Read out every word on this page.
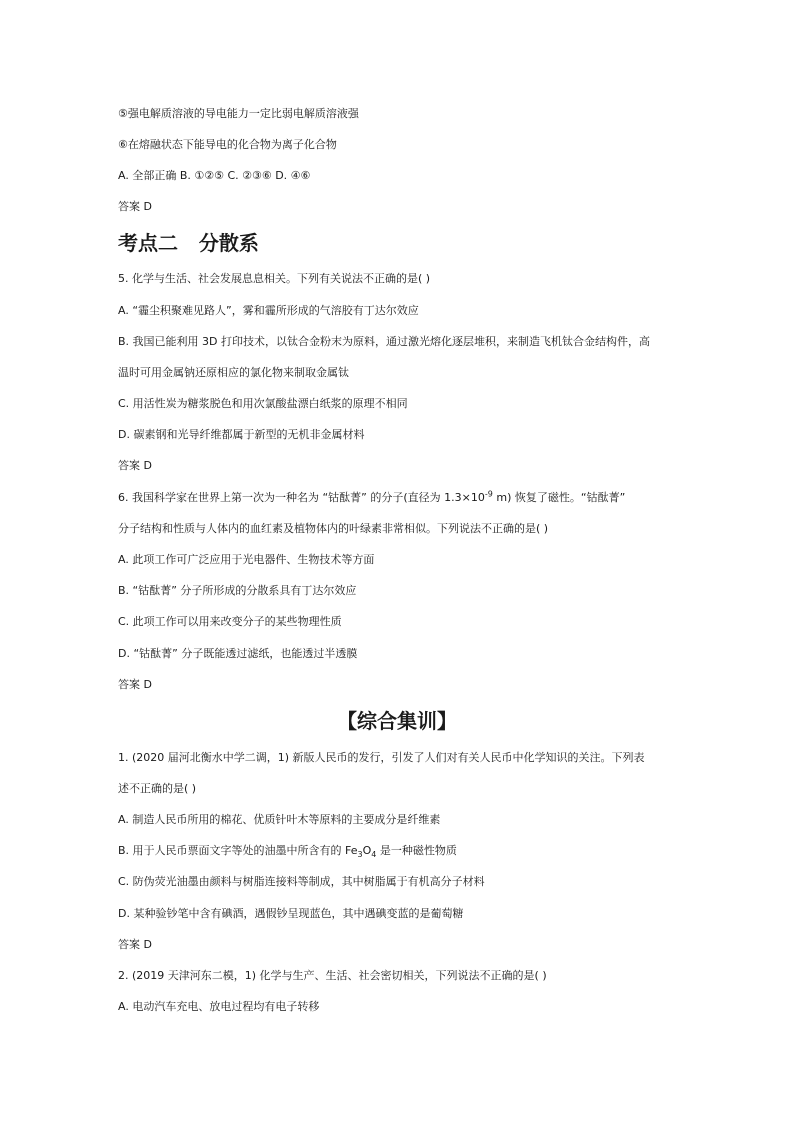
⑤强电解质溶液的导电能力一定比弱电解质溶液强
⑥在熔融状态下能导电的化合物为离子化合物
A. 全部正确 B. ①②⑤ C. ②③⑥ D. ④⑥
答案 D
考点二   分散系
5. 化学与生活、社会发展息息相关。下列有关说法不正确的是( )
A. “霾尘积聚难见路人”，雾和霾所形成的气溶胶有丁达尔效应
B. 我国已能利用 3D 打印技术，以钛合金粉末为原料，通过激光熔化逐层堆积，来制造飞机钛合金结构件，高
温时可用金属钠还原相应的氯化物来制取金属钛
C. 用活性炭为糖浆脱色和用次氯酸盐漂白纸浆的原理不相同
D. 碳素钢和光导纤维都属于新型的无机非金属材料
答案 D
6. 我国科学家在世界上第一次为一种名为 “钴酞菁” 的分子(直径为 $1.3\times 10^{-9}$ m) 恢复了磁性。“钴酞菁”
分子结构和性质与人体内的血红素及植物体内的叶绿素非常相似。下列说法不正确的是( )
A. 此项工作可广泛应用于光电器件、生物技术等方面
B. “钴酞菁” 分子所形成的分散系具有丁达尔效应
C. 此项工作可以用来改变分子的某些物理性质
D. “钴酞菁” 分子既能透过滤纸，也能透过半透膜
答案 D
【综合集训】
1. (2020 届河北衡水中学二调，1) 新版人民币的发行，引发了人们对有关人民币中化学知识的关注。下列表
述不正确的是( )
A. 制造人民币所用的棉花、优质针叶木等原料的主要成分是纤维素
B. 用于人民币票面文字等处的油墨中所含有的 $Fe_3O_4$ 是一种磁性物质
C. 防伪荧光油墨由颜料与树脂连接料等制成，其中树脂属于有机高分子材料
D. 某种验钞笔中含有碘酒，遇假钞呈现蓝色，其中遇碘变蓝的是葡萄糖
答案 D
2. (2019 天津河东二模，1) 化学与生产、生活、社会密切相关，下列说法不正确的是( )
A. 电动汽车充电、放电过程均有电子转移
